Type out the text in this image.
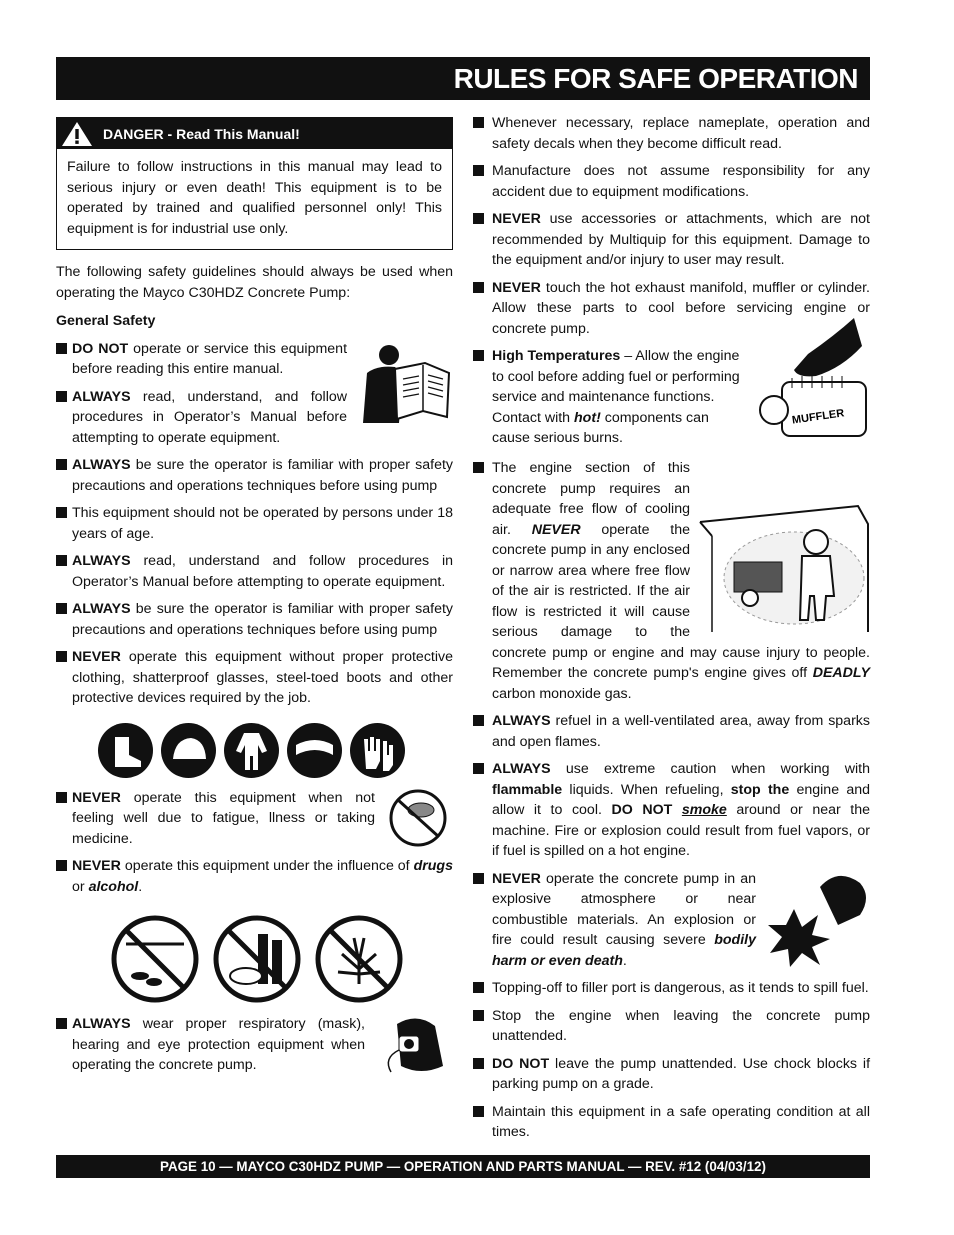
RULES FOR SAFE OPERATION
DANGER - Read This Manual!
Failure to follow instructions in this manual may lead to serious injury or even death! This equipment is to be operated by trained and qualified personnel only! This equipment is for industrial use only.

The following safety guidelines should always be used when operating the Mayco C30HDZ Concrete Pump:

General Safety
DO NOT operate or service this equipment before reading this entire manual.
ALWAYS read, understand, and follow procedures in Operator’s Manual before attempting to operate equipment.
ALWAYS be sure the operator is familiar with proper safety precautions and operations techniques before using pump
This equipment should not be operated by persons under 18 years of age.
ALWAYS read, understand and follow procedures in Operator’s Manual before attempting to operate equipment.
ALWAYS be sure the operator is familiar with proper safety precautions and operations techniques before using pump
NEVER operate this equipment without proper protective clothing, shatterproof glasses, steel-toed boots and other protective devices required by the job.
NEVER operate this equipment when not feeling well due to fatigue, llness or taking medicine.
NEVER operate this equipment under the influence of drugs or alcohol.
ALWAYS wear proper respiratory (mask), hearing and eye protection equipment when operating the concrete pump.
Whenever necessary, replace nameplate, operation and safety decals when they become difficult read.
Manufacture does not assume responsibility for any accident due to equipment modifications.
NEVER use accessories or attachments, which are not recommended by Multiquip for this equipment. Damage to the equipment and/or injury to user may result.
NEVER touch the hot exhaust manifold, muffler or cylinder. Allow these parts to cool before servicing engine or concrete pump.
MUFFLER
High Temperatures – Allow the engine to cool before adding fuel or performing service and maintenance functions. Contact with hot! components can cause serious burns.
The engine section of this concrete pump requires an adequate free flow of cooling air. NEVER operate the concrete pump in any enclosed or narrow area where free flow of the air is restricted. If the air flow is restricted it will cause serious damage to the concrete pump or engine and may cause injury to people. Remember the concrete pump's engine gives off DEADLY carbon monoxide gas.
ALWAYS refuel in a well-ventilated area, away from sparks and open flames.
ALWAYS use extreme caution when working with flammable liquids. When refueling, stop the engine and allow it to cool. DO NOT smoke around or near the machine. Fire or explosion could result from fuel vapors, or if fuel is spilled on a hot engine.
NEVER operate the concrete pump in an explosive atmosphere or near combustible materials. An explosion or fire could result causing severe bodily harm or even death.
Topping-off to filler port is dangerous, as it tends to spill fuel.
Stop the engine when leaving the concrete pump unattended.
DO NOT leave the pump unattended. Use chock blocks if parking pump on a grade.
Maintain this equipment in a safe operating condition at all times.
PAGE 10 — MAYCO C30HDZ PUMP — OPERATION AND PARTS MANUAL — REV. #12 (04/03/12)
